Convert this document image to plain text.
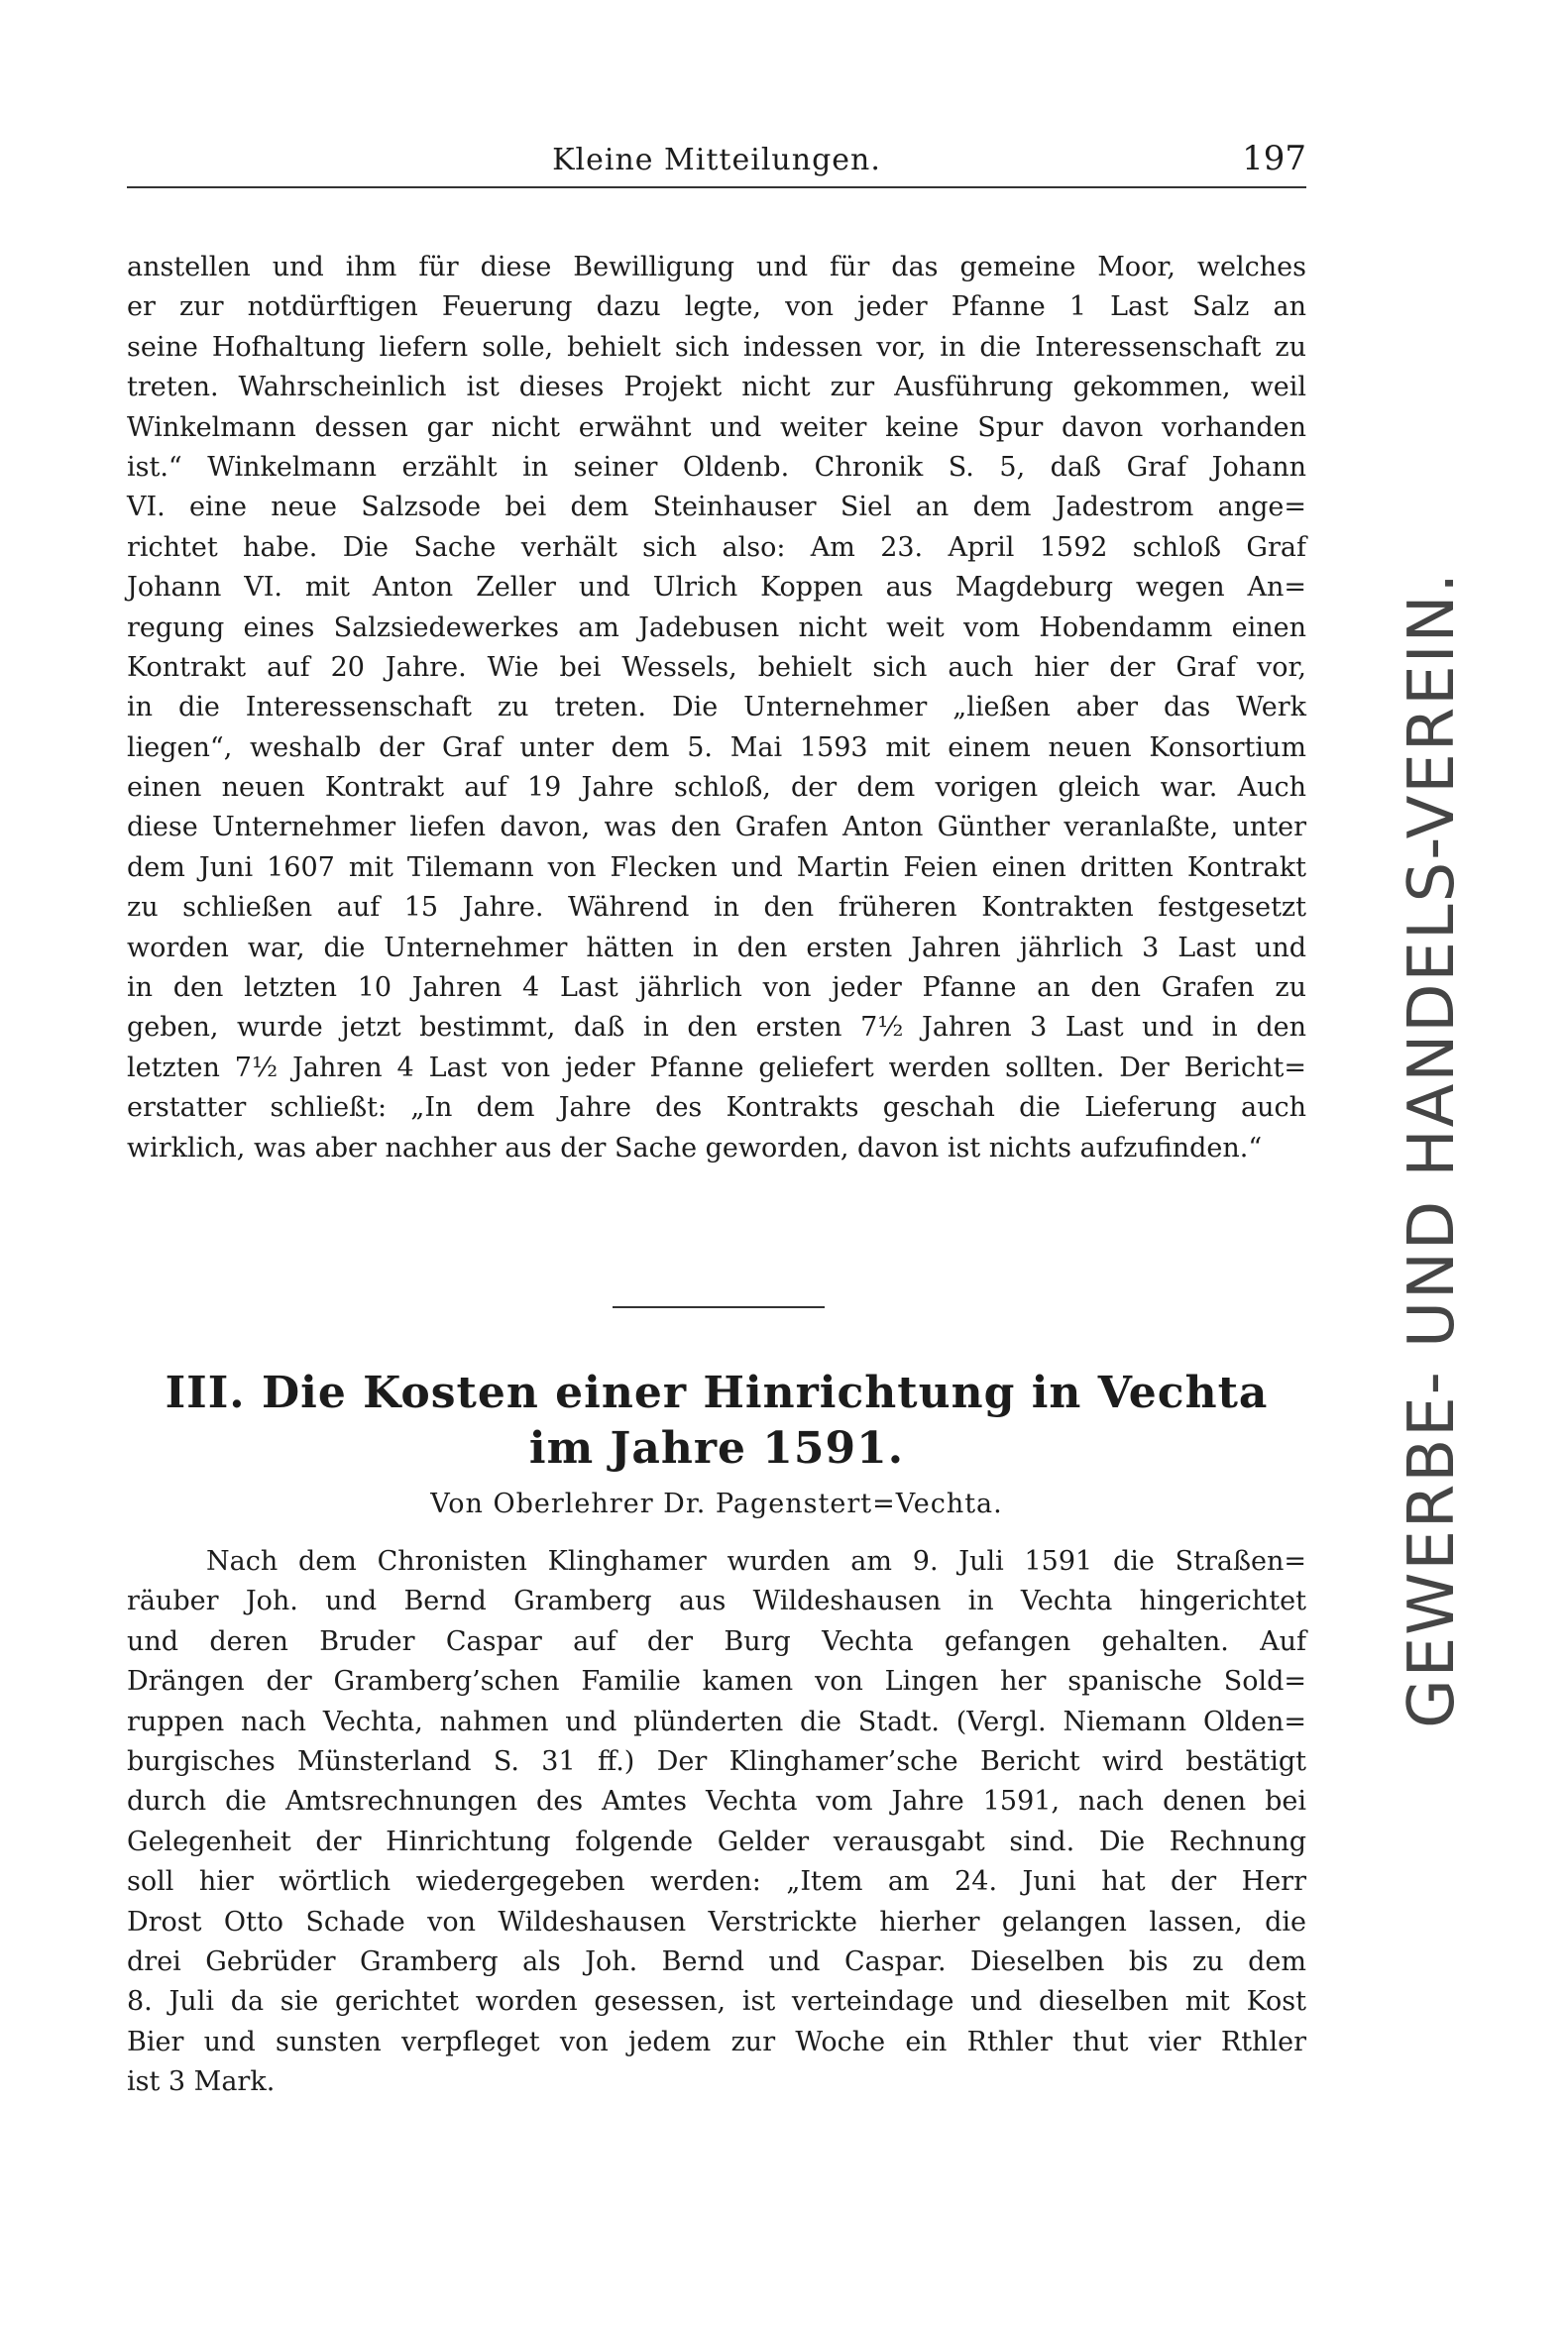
Kleine Mitteilungen.	197
anstellen und ihm für diese Bewilligung und für das gemeine Moor, welches
er zur notdürftigen Feuerung dazu legte, von jeder Pfanne 1 Last Salz an
seine Hofhaltung liefern solle, behielt sich indessen vor, in die Interessenschaft zu
treten. Wahrscheinlich ist dieses Projekt nicht zur Ausführung gekommen, weil
Winkelmann dessen gar nicht erwähnt und weiter keine Spur davon vorhanden
ist.“ Winkelmann erzählt in seiner Oldenb. Chronik S. 5, daß Graf Johann
VI. eine neue Salzsode bei dem Steinhauser Siel an dem Jadestrom ange=
richtet habe. Die Sache verhält sich also: Am 23. April 1592 schloß Graf
Johann VI. mit Anton Zeller und Ulrich Koppen aus Magdeburg wegen An=
regung eines Salzsiedewerkes am Jadebusen nicht weit vom Hobendamm einen
Kontrakt auf 20 Jahre. Wie bei Wessels, behielt sich auch hier der Graf vor,
in die Interessenschaft zu treten. Die Unternehmer „ließen aber das Werk
liegen“, weshalb der Graf unter dem 5. Mai 1593 mit einem neuen Konsortium
einen neuen Kontrakt auf 19 Jahre schloß, der dem vorigen gleich war. Auch
diese Unternehmer liefen davon, was den Grafen Anton Günther veranlaßte, unter
dem Juni 1607 mit Tilemann von Flecken und Martin Feien einen dritten Kontrakt
zu schließen auf 15 Jahre. Während in den früheren Kontrakten festgesetzt
worden war, die Unternehmer hätten in den ersten Jahren jährlich 3 Last und
in den letzten 10 Jahren 4 Last jährlich von jeder Pfanne an den Grafen zu
geben, wurde jetzt bestimmt, daß in den ersten 7½ Jahren 3 Last und in den
letzten 7½ Jahren 4 Last von jeder Pfanne geliefert werden sollten. Der Bericht=
erstatter schließt: „In dem Jahre des Kontrakts geschah die Lieferung auch
wirklich, was aber nachher aus der Sache geworden, davon ist nichts aufzufinden.“
III. Die Kosten einer Hinrichtung in Vechta
im Jahre 1591.
Von Oberlehrer Dr. Pagenstert=Vechta.
Nach dem Chronisten Klinghamer wurden am 9. Juli 1591 die Straßen=
räuber Joh. und Bernd Gramberg aus Wildeshausen in Vechta hingerichtet
und deren Bruder Caspar auf der Burg Vechta gefangen gehalten. Auf
Drängen der Gramberg’schen Familie kamen von Lingen her spanische Sold=
ruppen nach Vechta, nahmen und plünderten die Stadt. (Vergl. Niemann Olden=
burgisches Münsterland S. 31 ff.) Der Klinghamer’sche Bericht wird bestätigt
durch die Amtsrechnungen des Amtes Vechta vom Jahre 1591, nach denen bei
Gelegenheit der Hinrichtung folgende Gelder verausgabt sind. Die Rechnung
soll hier wörtlich wiedergegeben werden: „Item am 24. Juni hat der Herr
Drost Otto Schade von Wildeshausen Verstrickte hierher gelangen lassen, die
drei Gebrüder Gramberg als Joh. Bernd und Caspar. Dieselben bis zu dem
8. Juli da sie gerichtet worden gesessen, ist verteindage und dieselben mit Kost
Bier und sunsten verpfleget von jedem zur Woche ein Rthler thut vier Rthler
ist 3 Mark.
GEWERBE- UND HANDELS-VEREIN.
